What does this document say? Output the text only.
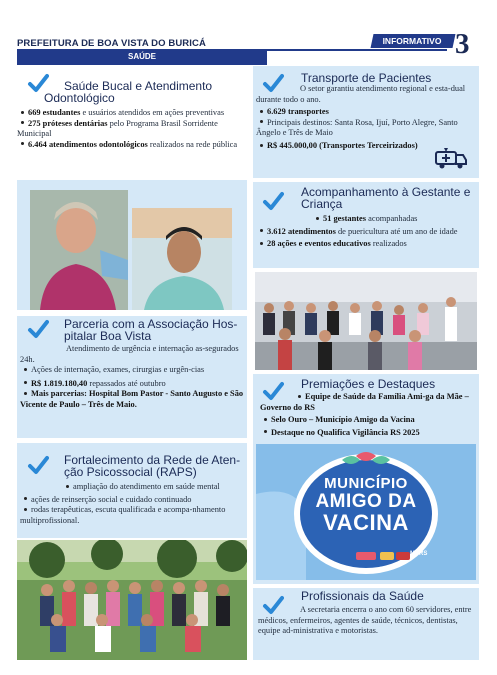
PREFEITURA DE BOA VISTA DO BURICÁ
SAÚDE
INFORMATIVO 3
Saúde Bucal e Atendimento
Odontológico
669 estudantes e usuários atendidos em ações preventivas
275 próteses dentárias pelo Programa Brasil Sorridente Municipal
6.464 atendimentos odontológicos realizados na rede pública
Parceria com a Associação Hos-
pitalar Boa Vista
Atendimento de urgência e internação as-segurados 24h.
Ações de internação, exames, cirurgias e urgên-cias
R$ 1.819.180,40 repassados até outubro
Mais parcerias: Hospital Bom Pastor - Santo Augusto e São Vicente de Paulo – Três de Maio.
Fortalecimento da Rede de Aten-
ção Psicossocial (RAPS)
ampliação do atendimento em saúde mental
ações de reinserção social e cuidado continuado
rodas terapêuticas, escuta qualificada e acompa-nhamento multiprofissional.
Transporte de Pacientes
O setor garantiu atendimento regional e esta-dual durante todo o ano.
6.629 transportes
Principais destinos: Santa Rosa, Ijuí, Porto Alegre, Santo Ângelo e Três de Maio
R$ 445.000,00 (Transportes Terceirizados)
Acompanhamento à Gestante e
Criança
51 gestantes acompanhadas
3.612 atendimentos de puericultura até um ano de idade
28 ações e eventos educativos realizados
Premiações e Destaques
Equipe de Saúde da Família Ami-ga da Mãe – Governo do RS
Selo Ouro – Município Amigo da Vacina
Destaque no Qualifica Vigilância RS 2025
MUNICÍPIO
AMIGO DA
VACINA
MPRS
Profissionais da Saúde
A secretaria encerra o ano com 60 servidores, entre médicos, enfermeiros, agentes de saúde, técnicos, dentistas, equipe ad-ministrativa e motoristas.
